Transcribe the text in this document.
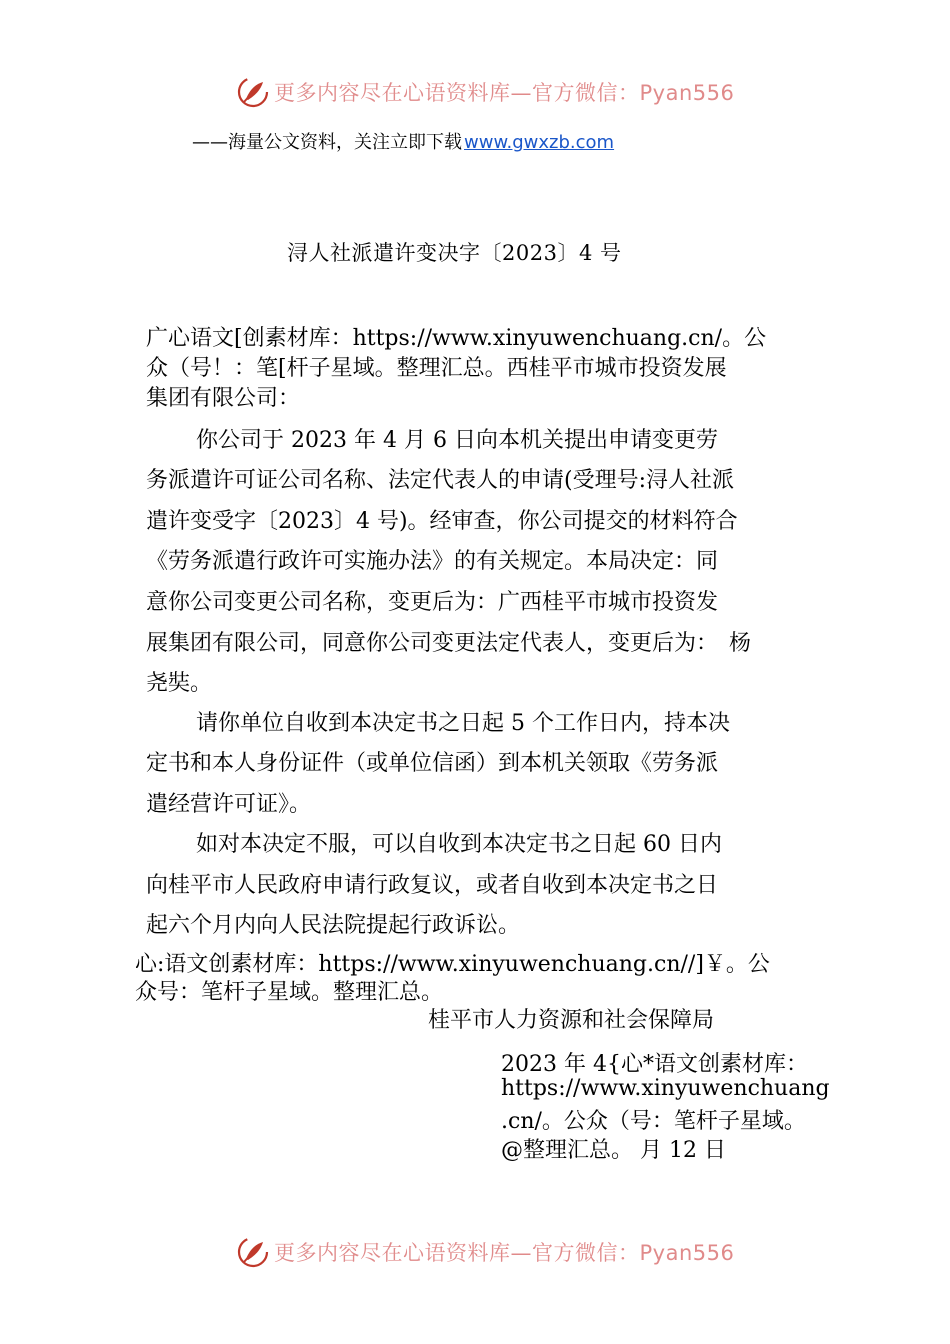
更多内容尽在心语资料库—官方微信：Pyan556
——海量公文资料，关注立即下载 www.gwxzb.com
浔人社派遣许变决字〔2023〕4 号
广心语文[创素材库：https://www.xinyuwenchuang.cn/。公
众（号！：笔[杆子星域。整理汇总。西桂平市城市投资发展
集团有限公司：
你公司于 2023 年 4 月 6 日向本机关提出申请变更劳
务派遣许可证公司名称、法定代表人的申请(受理号:浔人社派
遣许变受字〔2023〕4 号)。经审查，你公司提交的材料符合
《劳务派遣行政许可实施办法》的有关规定。本局决定：同
意你公司变更公司名称，变更后为：广西桂平市城市投资发
展集团有限公司，同意你公司变更法定代表人，变更后为：　杨
尧奘。
请你单位自收到本决定书之日起 5 个工作日内，持本决
定书和本人身份证件（或单位信函）到本机关领取《劳务派
遣经营许可证》。
如对本决定不服，可以自收到本决定书之日起 60 日内
向桂平市人民政府申请行政复议，或者自收到本决定书之日
起六个月内向人民法院提起行政诉讼。
心:语文创素材库：https://www.xinyuwenchuang.cn//]￥。公
众号：笔杆子星域。整理汇总。
桂平市人力资源和社会保障局
2023 年 4{心*语文创素材库：
https://www.xinyuwenchuang
.cn/。公众（号：笔杆子星域。
@整理汇总。 月 12 日
更多内容尽在心语资料库—官方微信：Pyan556
